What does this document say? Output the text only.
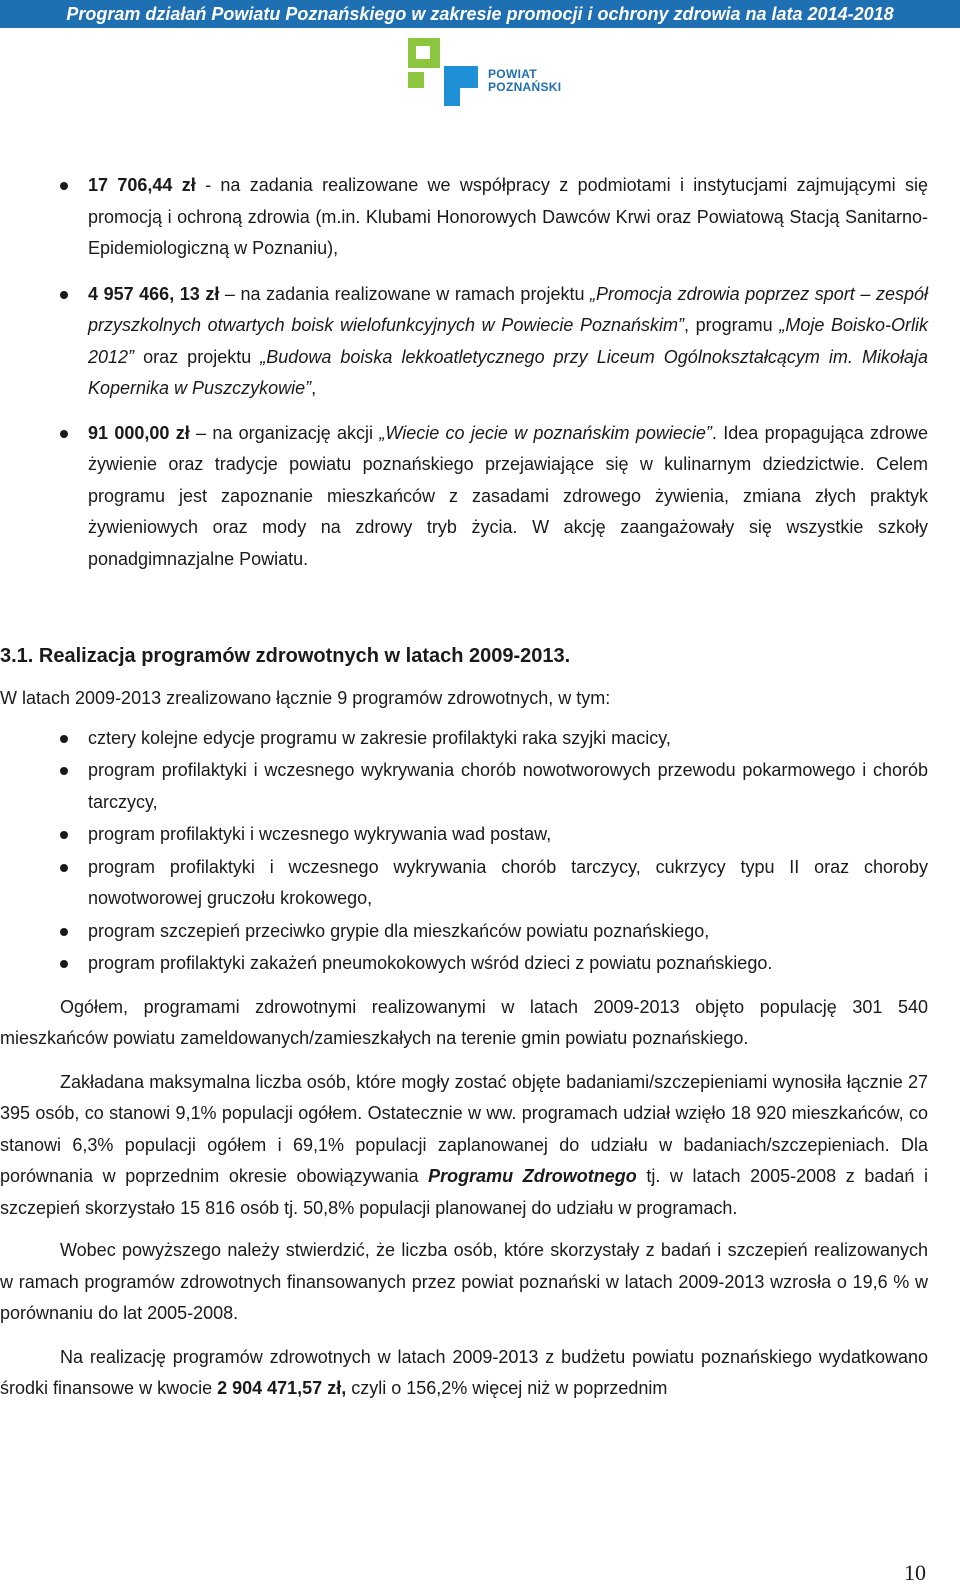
Program działań Powiatu Poznańskiego w zakresie promocji i ochrony zdrowia na lata 2014-2018
POWIAT
POZNAŃSKI
17 706,44 zł - na zadania realizowane we współpracy z podmiotami i instytucjami zajmującymi się promocją i ochroną zdrowia (m.in. Klubami Honorowych Dawców Krwi oraz Powiatową Stacją Sanitarno-Epidemiologiczną w Poznaniu),
4 957 466, 13 zł – na zadania realizowane w ramach projektu „Promocja zdrowia poprzez sport – zespół przyszkolnych otwartych boisk wielofunkcyjnych w Powiecie Poznańskim”, programu „Moje Boisko-Orlik 2012” oraz projektu „Budowa boiska lekkoatletycznego przy Liceum Ogólnokształcącym im. Mikołaja Kopernika w Puszczykowie”,
91 000,00 zł – na organizację akcji „Wiecie co jecie w poznańskim powiecie”. Idea propagująca zdrowe żywienie oraz tradycje powiatu poznańskiego przejawiające się w kulinarnym dziedzictwie. Celem programu jest zapoznanie mieszkańców z zasadami zdrowego żywienia, zmiana złych praktyk żywieniowych oraz mody na zdrowy tryb życia. W akcję zaangażowały się wszystkie szkoły ponadgimnazjalne Powiatu.
3.1. Realizacja programów zdrowotnych w latach 2009-2013.

W latach 2009-2013 zrealizowano łącznie 9 programów zdrowotnych, w tym:

cztery kolejne edycje programu w zakresie profilaktyki raka szyjki macicy,
program profilaktyki i wczesnego wykrywania chorób nowotworowych przewodu pokarmowego i chorób tarczycy,
program profilaktyki i wczesnego wykrywania wad postaw,
program profilaktyki i wczesnego wykrywania chorób tarczycy, cukrzycy typu II oraz choroby nowotworowej gruczołu krokowego,
program szczepień przeciwko grypie dla mieszkańców powiatu poznańskiego,
program profilaktyki zakażeń pneumokokowych wśród dzieci z powiatu poznańskiego.

Ogółem, programami zdrowotnymi realizowanymi w latach 2009-2013 objęto populację 301 540 mieszkańców powiatu zameldowanych/zamieszkałych na terenie gmin powiatu poznańskiego.

Zakładana maksymalna liczba osób, które mogły zostać objęte badaniami/szczepieniami wynosiła łącznie 27 395 osób, co stanowi 9,1% populacji ogółem. Ostatecznie w ww. programach udział wzięło 18 920 mieszkańców, co stanowi 6,3% populacji ogółem i 69,1% populacji zaplanowanej do udziału w badaniach/szczepieniach. Dla porównania w poprzednim okresie obowiązywania Programu Zdrowotnego tj. w latach 2005-2008 z badań i szczepień skorzystało 15 816 osób tj. 50,8% populacji planowanej do udziału w programach.

Wobec powyższego należy stwierdzić, że liczba osób, które skorzystały z badań i szczepień realizowanych w ramach programów zdrowotnych finansowanych przez powiat poznański w latach 2009-2013 wzrosła o 19,6 % w porównaniu do lat 2005-2008.

Na realizację programów zdrowotnych w latach 2009-2013 z budżetu powiatu poznańskiego wydatkowano środki finansowe w kwocie 2 904 471,57 zł, czyli o 156,2% więcej niż w poprzednim

10
